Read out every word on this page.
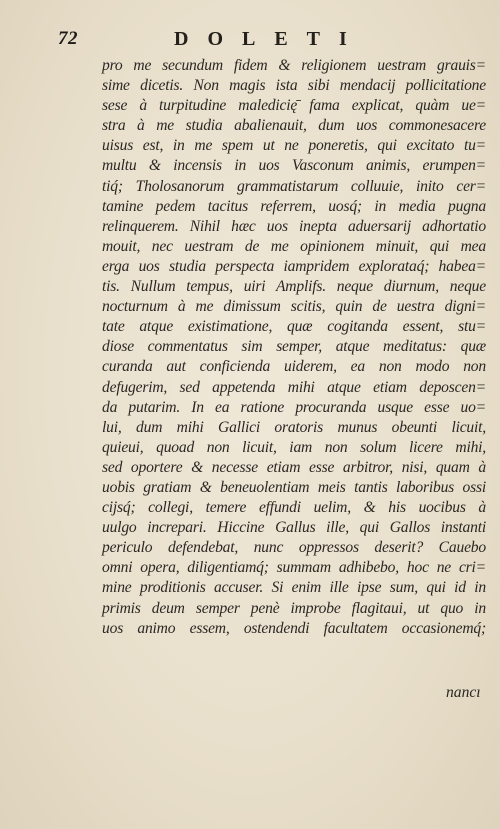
72	DOLETI
pro me secundum fidem & religionem uestram grauis=
sime dicetis. Non magis ista sibi mendacij pollicitatione
sese à turpitudine maledicię̄ fama explicat, quàm ue=
stra à me studia abalienauit, dum uos commonesacere
uisus est, in me spem ut ne poneretis, qui excitato tu=
multu & incensis in uos Vasconum animis, erumpen=
tiq́; Tholosanorum grammatistarum colluuie, inito cer=
tamine pedem tacitus referrem, uosq́; in media pugna
relinquerem. Nihil hæc uos inepta aduersarij adhortatio
mouit, nec uestram de me opinionem minuit, qui mea
erga uos studia perspecta iampridem explorataq́; habea=
tis. Nullum tempus, uiri Amplifs. neque diurnum, neque
nocturnum à me dimissum scitis, quin de uestra digni=
tate atque existimatione, quæ cogitanda essent, stu=
diose commentatus sim semper, atque meditatus: quæ
curanda aut conficienda uiderem, ea non modo non
defugerim, sed appetenda mihi atque etiam deposcen=
da putarim. In ea ratione procuranda usque esse uo=
lui, dum mihi Gallici oratoris munus obeunti licuit,
quieui, quoad non licuit, iam non solum licere mihi,
sed oportere & necesse etiam esse arbitror, nisi, quam à
uobis gratiam & beneuolentiam meis tantis laboribus ossi
cijsq́; collegi, temere effundi uelim, & his uocibus à
uulgo increpari. Hiccine Gallus ille, qui Gallos instanti
periculo defendebat, nunc oppressos deserit? Cauebo
omni opera, diligentiamq́; summam adhibebo, hoc ne cri=
mine proditionis accuser. Si enim ille ipse sum, qui id in
primis deum semper penè improbe flagitaui, ut quo in
uos animo essem, ostendendi facultatem occasionemq́;
nancı
